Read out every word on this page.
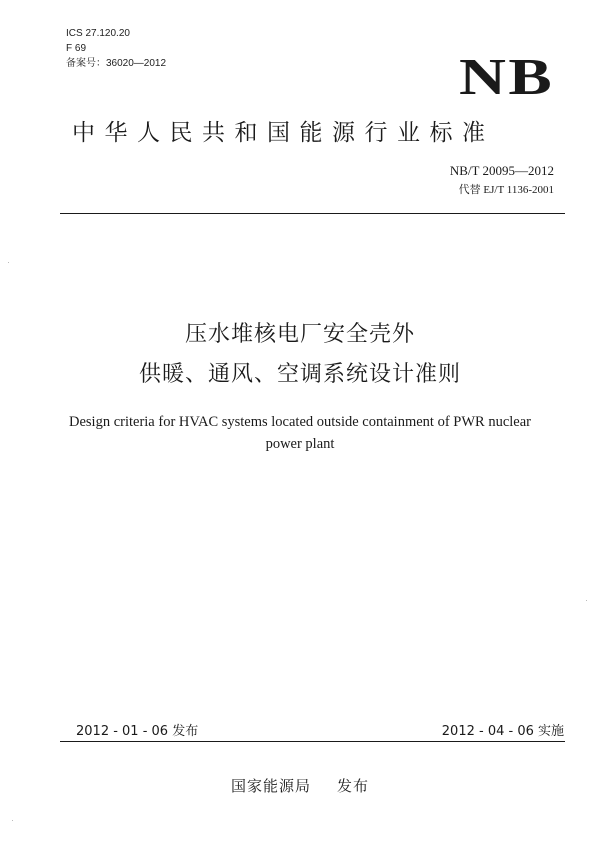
ICS 27.120.20
F 69
备案号：36020—2012	NB
中华人民共和国能源行业标准
NB/T 20095—2012
代替 EJ/T 1136-2001
压水堆核电厂安全壳外
供暖、通风、空调系统设计准则
Design criteria for HVAC systems located outside containment of PWR nuclear
power plant
2012 - 01 - 06 发布	2012 - 04 - 06 实施
国家能源局 发布
